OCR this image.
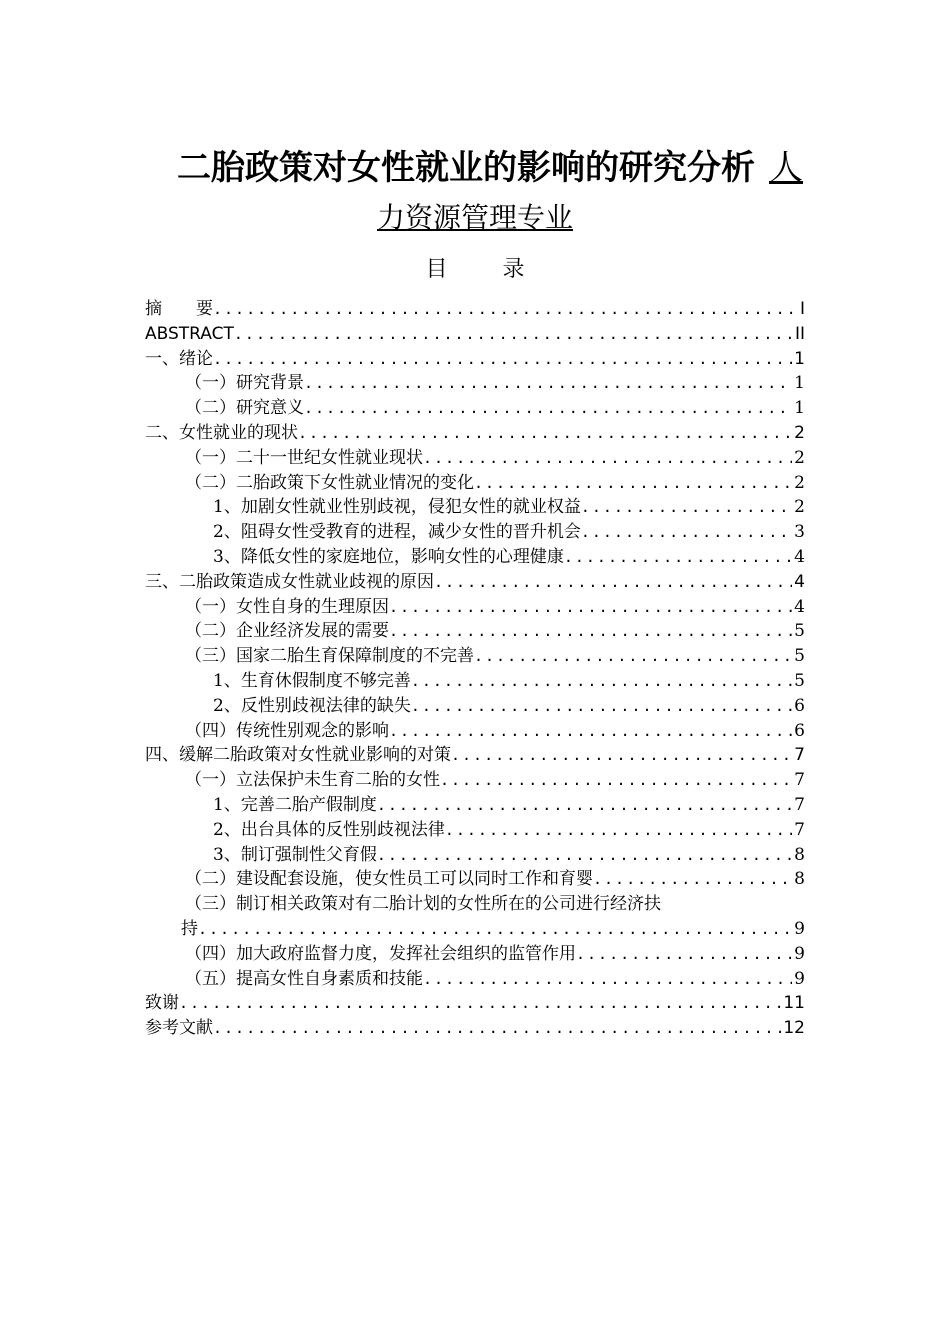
二胎政策对女性就业的影响的研究分析 人
力资源管理专业
目 录
摘　　要 .....	I
ABSTRACT .....	II
一、绪论 .....	1
（一）研究背景 .....	1
（二）研究意义 .....	1
二、女性就业的现状 .....	2
（一）二十一世纪女性就业现状 .....	2
（二）二胎政策下女性就业情况的变化 .....	2
1、加剧女性就业性别歧视，侵犯女性的就业权益 .....	2
2、阻碍女性受教育的进程，减少女性的晋升机会 .....	3
3、降低女性的家庭地位，影响女性的心理健康 .....	4
三、二胎政策造成女性就业歧视的原因 .....	4
（一）女性自身的生理原因 .....	4
（二）企业经济发展的需要 .....	5
（三）国家二胎生育保障制度的不完善 .....	5
1、生育休假制度不够完善 .....	5
2、反性别歧视法律的缺失 .....	6
（四）传统性别观念的影响 .....	6
四、缓解二胎政策对女性就业影响的对策 .....	7
（一）立法保护未生育二胎的女性 .....	7
1、完善二胎产假制度 .....	7
2、出台具体的反性别歧视法律 .....	7
3、制订强制性父育假 .....	8
（二）建设配套设施，使女性员工可以同时工作和育婴 .....	8
（三）制订相关政策对有二胎计划的女性所在的公司进行经济扶
持 .....	9
（四）加大政府监督力度，发挥社会组织的监管作用 .....	9
（五）提高女性自身素质和技能 .....	9
致谢 .....	11
参考文献 .....	12
